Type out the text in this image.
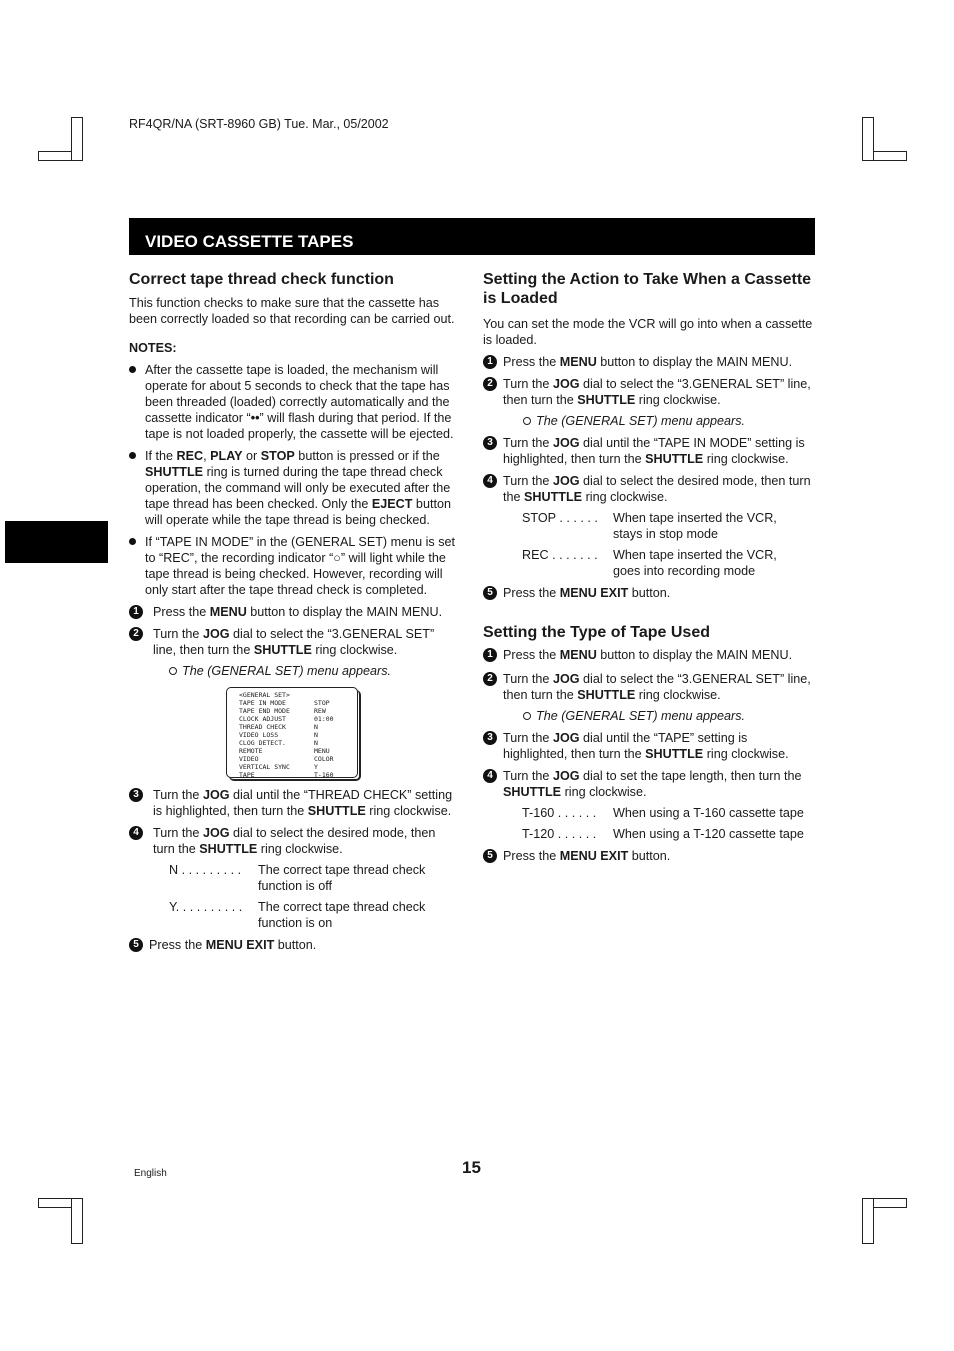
RF4QR/NA (SRT-8960 GB) Tue. Mar., 05/2002
VIDEO CASSETTE TAPES
Correct tape thread check function

This function checks to make sure that the cassette has been correctly loaded so that recording can be carried out.

NOTES:
After the cassette tape is loaded, the mechanism will operate for about 5 seconds to check that the tape has been threaded (loaded) correctly automatically and the cassette indicator “••” will flash during that period. If the tape is not loaded properly, the cassette will be ejected.
If the REC, PLAY or STOP button is pressed or if the SHUTTLE ring is turned during the tape thread check operation, the command will only be executed after the tape thread has been checked. Only the EJECT button will operate while the tape thread is being checked.
If “TAPE IN MODE” in the (GENERAL SET) menu is set to “REC”, the recording indicator “○” will light while the tape thread is being checked. However, recording will only start after the tape thread check is completed.
1	Press the MENU button to display the MAIN MENU.
2	Turn the JOG dial to select the “3.GENERAL SET” line, then turn the SHUTTLE ring clockwise.
The (GENERAL SET) menu appears.
<GENERAL SET>
TAPE IN MODE	STOP
TAPE END MODE	REW
CLOCK ADJUST	01:00
THREAD CHECK	N
VIDEO LOSS	N
CLOG DETECT.	N
REMOTE	MENU
VIDEO	COLOR
VERTICAL SYNC	Y
TAPE	T-160
3	Turn the JOG dial until the “THREAD CHECK” setting is highlighted, then turn the SHUTTLE ring clockwise.
4	Turn the JOG dial to select the desired mode, then turn the SHUTTLE ring clockwise.
N . . . . . . . . .	The correct tape thread check function is off
Y. . . . . . . . . .	The correct tape thread check function is on
5 Press the MENU EXIT button.
Setting the Action to Take When a Cassette is Loaded

You can set the mode the VCR will go into when a cassette is loaded.

1 Press the MENU button to display the MAIN MENU.
2 Turn the JOG dial to select the “3.GENERAL SET” line, then turn the SHUTTLE ring clockwise.
The (GENERAL SET) menu appears.
3 Turn the JOG dial until the “TAPE IN MODE” setting is highlighted, then turn the SHUTTLE ring clockwise.
4 Turn the JOG dial to select the desired mode, then turn the SHUTTLE ring clockwise.
STOP . . . . . .	When tape inserted the VCR, stays in stop mode
REC . . . . . . .	When tape inserted the VCR, goes into recording mode
5 Press the MENU EXIT button.
Setting the Type of Tape Used
1 Press the MENU button to display the MAIN MENU.
2 Turn the JOG dial to select the “3.GENERAL SET” line, then turn the SHUTTLE ring clockwise.
The (GENERAL SET) menu appears.
3 Turn the JOG dial until the “TAPE” setting is highlighted, then turn the SHUTTLE ring clockwise.
4 Turn the JOG dial to set the tape length, then turn the SHUTTLE ring clockwise.
T-160 . . . . . .	When using a T-160 cassette tape
T-120 . . . . . .	When using a T-120 cassette tape
5 Press the MENU EXIT button.
English	15
